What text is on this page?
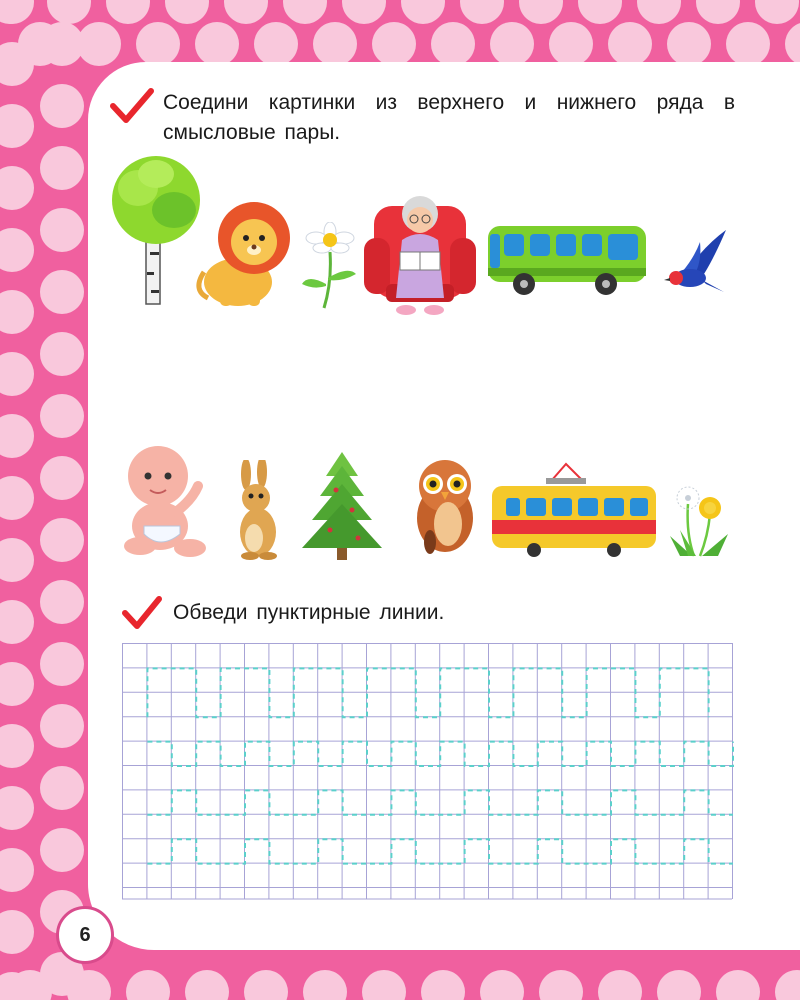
Соедини картинки из верхнего и нижнего ряда в смысловые пары.
Обведи пунктирные линии.
6
